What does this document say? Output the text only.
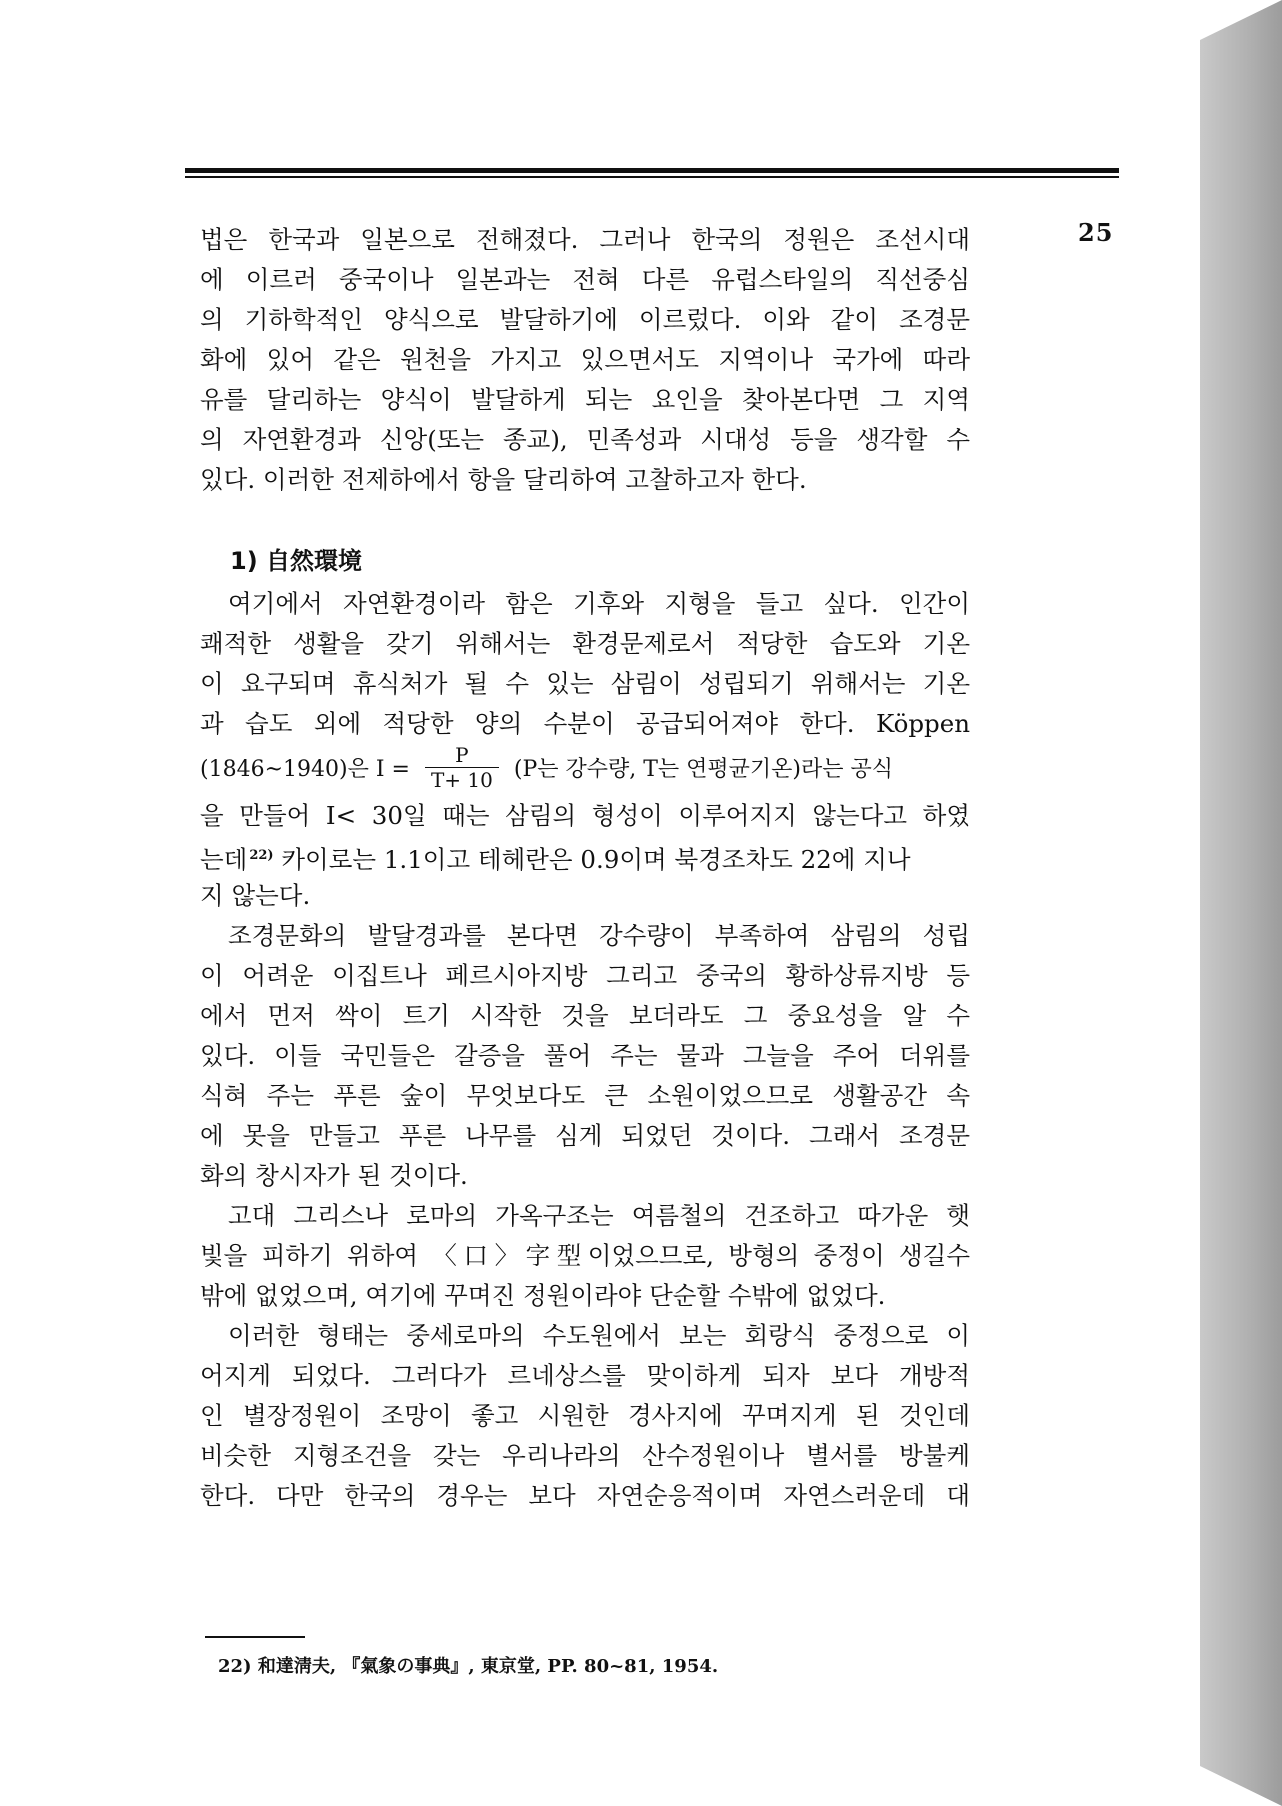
25
법은 한국과 일본으로 전해졌다. 그러나 한국의 정원은 조선시대
에 이르러 중국이나 일본과는 전혀 다른 유럽스타일의 직선중심
의 기하학적인 양식으로 발달하기에 이르렀다. 이와 같이 조경문
화에 있어 같은 원천을 가지고 있으면서도 지역이나 국가에 따라
유를 달리하는 양식이 발달하게 되는 요인을 찾아본다면 그 지역
의 자연환경과 신앙(또는 종교), 민족성과 시대성 등을 생각할 수
있다. 이러한 전제하에서 항을 달리하여 고찰하고자 한다.
1) 自然環境
여기에서 자연환경이라 함은 기후와 지형을 들고 싶다. 인간이
쾌적한 생활을 갖기 위해서는 환경문제로서 적당한 습도와 기온
이 요구되며 휴식처가 될 수 있는 삼림이 성립되기 위해서는 기온
과 습도 외에 적당한 양의 수분이 공급되어져야 한다. Köppen
(1846~1940)은 $I = \frac{P}{T+ 10} (P$는 강수량, T는 연평균기온)라는 공식
을 만들어 I< 30일 때는 삼림의 형성이 이루어지지 않는다고 하였
는데 $^{22)}$ 카이로는 1.1이고 테헤란은 0.9이며 북경조차도 22에 지나
지 않는다.
조경문화의 발달경과를 본다면 강수량이 부족하여 삼림의 성립
이 어려운 이집트나 페르시아지방 그리고 중국의 황하상류지방 등
에서 먼저 싹이 트기 시작한 것을 보더라도 그 중요성을 알 수
있다. 이들 국민들은 갈증을 풀어 주는 물과 그늘을 주어 더위를
식혀 주는 푸른 숲이 무엇보다도 큰 소원이었으므로 생활공간 속
에 못을 만들고 푸른 나무를 심게 되었던 것이다. 그래서 조경문
화의 창시자가 된 것이다.
고대 그리스나 로마의 가옥구조는 여름철의 건조하고 따가운 햇
빛을 피하기 위하여 〈口〉字型이었으므로, 방형의 중정이 생길수
밖에 없었으며, 여기에 꾸며진 정원이라야 단순할 수밖에 없었다.
이러한 형태는 중세로마의 수도원에서 보는 회랑식 중정으로 이
어지게 되었다. 그러다가 르네상스를 맞이하게 되자 보다 개방적
인 별장정원이 조망이 좋고 시원한 경사지에 꾸며지게 된 것인데
비슷한 지형조건을 갖는 우리나라의 산수정원이나 별서를 방불케
한다. 다만 한국의 경우는 보다 자연순응적이며 자연스러운데 대
22) 和達淸夫, 『氣象の事典』, 東京堂, PP. 80~81, 1954.
